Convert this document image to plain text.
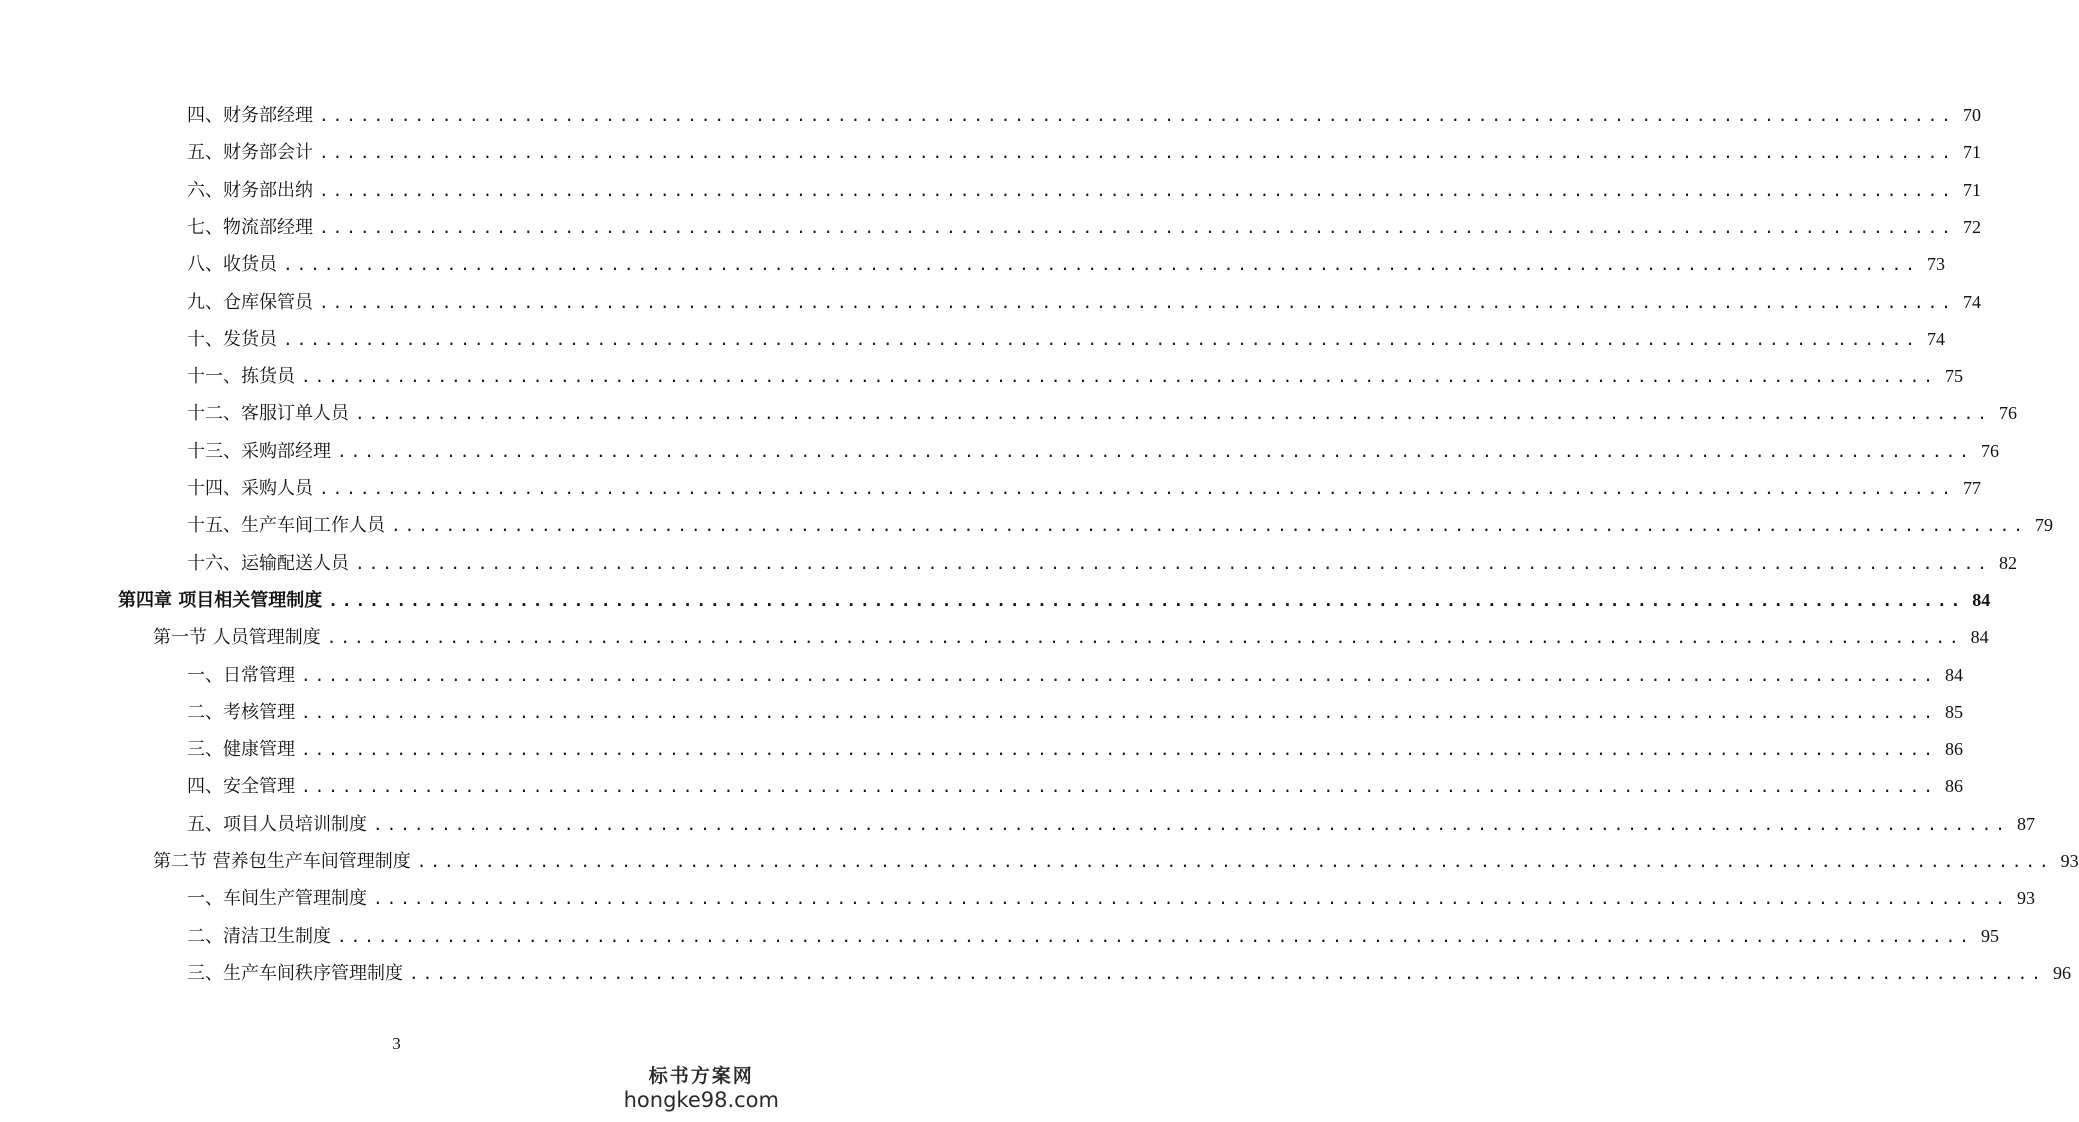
四、财务部经理 ........................................................................................................................ 70
五、财务部会计 ........................................................................................................................ 71
六、财务部出纳 ........................................................................................................................ 71
七、物流部经理 ........................................................................................................................ 72
八、收货员 ........................................................................................................................ 73
九、仓库保管员 ........................................................................................................................ 74
十、发货员 ........................................................................................................................ 74
十一、拣货员 ........................................................................................................................ 75
十二、客服订单人员 ........................................................................................................................ 76
十三、采购部经理 ........................................................................................................................ 76
十四、采购人员 ........................................................................................................................ 77
十五、生产车间工作人员 ........................................................................................................................ 79
十六、运输配送人员 ........................................................................................................................ 82
第四章 项目相关管理制度 ........................................................................................................................ 84
第一节 人员管理制度 ........................................................................................................................ 84
一、日常管理 ........................................................................................................................ 84
二、考核管理 ........................................................................................................................ 85
三、健康管理 ........................................................................................................................ 86
四、安全管理 ........................................................................................................................ 86
五、项目人员培训制度 ........................................................................................................................ 87
第二节 营养包生产车间管理制度 ........................................................................................................................ 93
一、车间生产管理制度 ........................................................................................................................ 93
二、清洁卫生制度 ........................................................................................................................ 95
三、生产车间秩序管理制度 ........................................................................................................................ 96
3
标书方案网
hongke98.com
